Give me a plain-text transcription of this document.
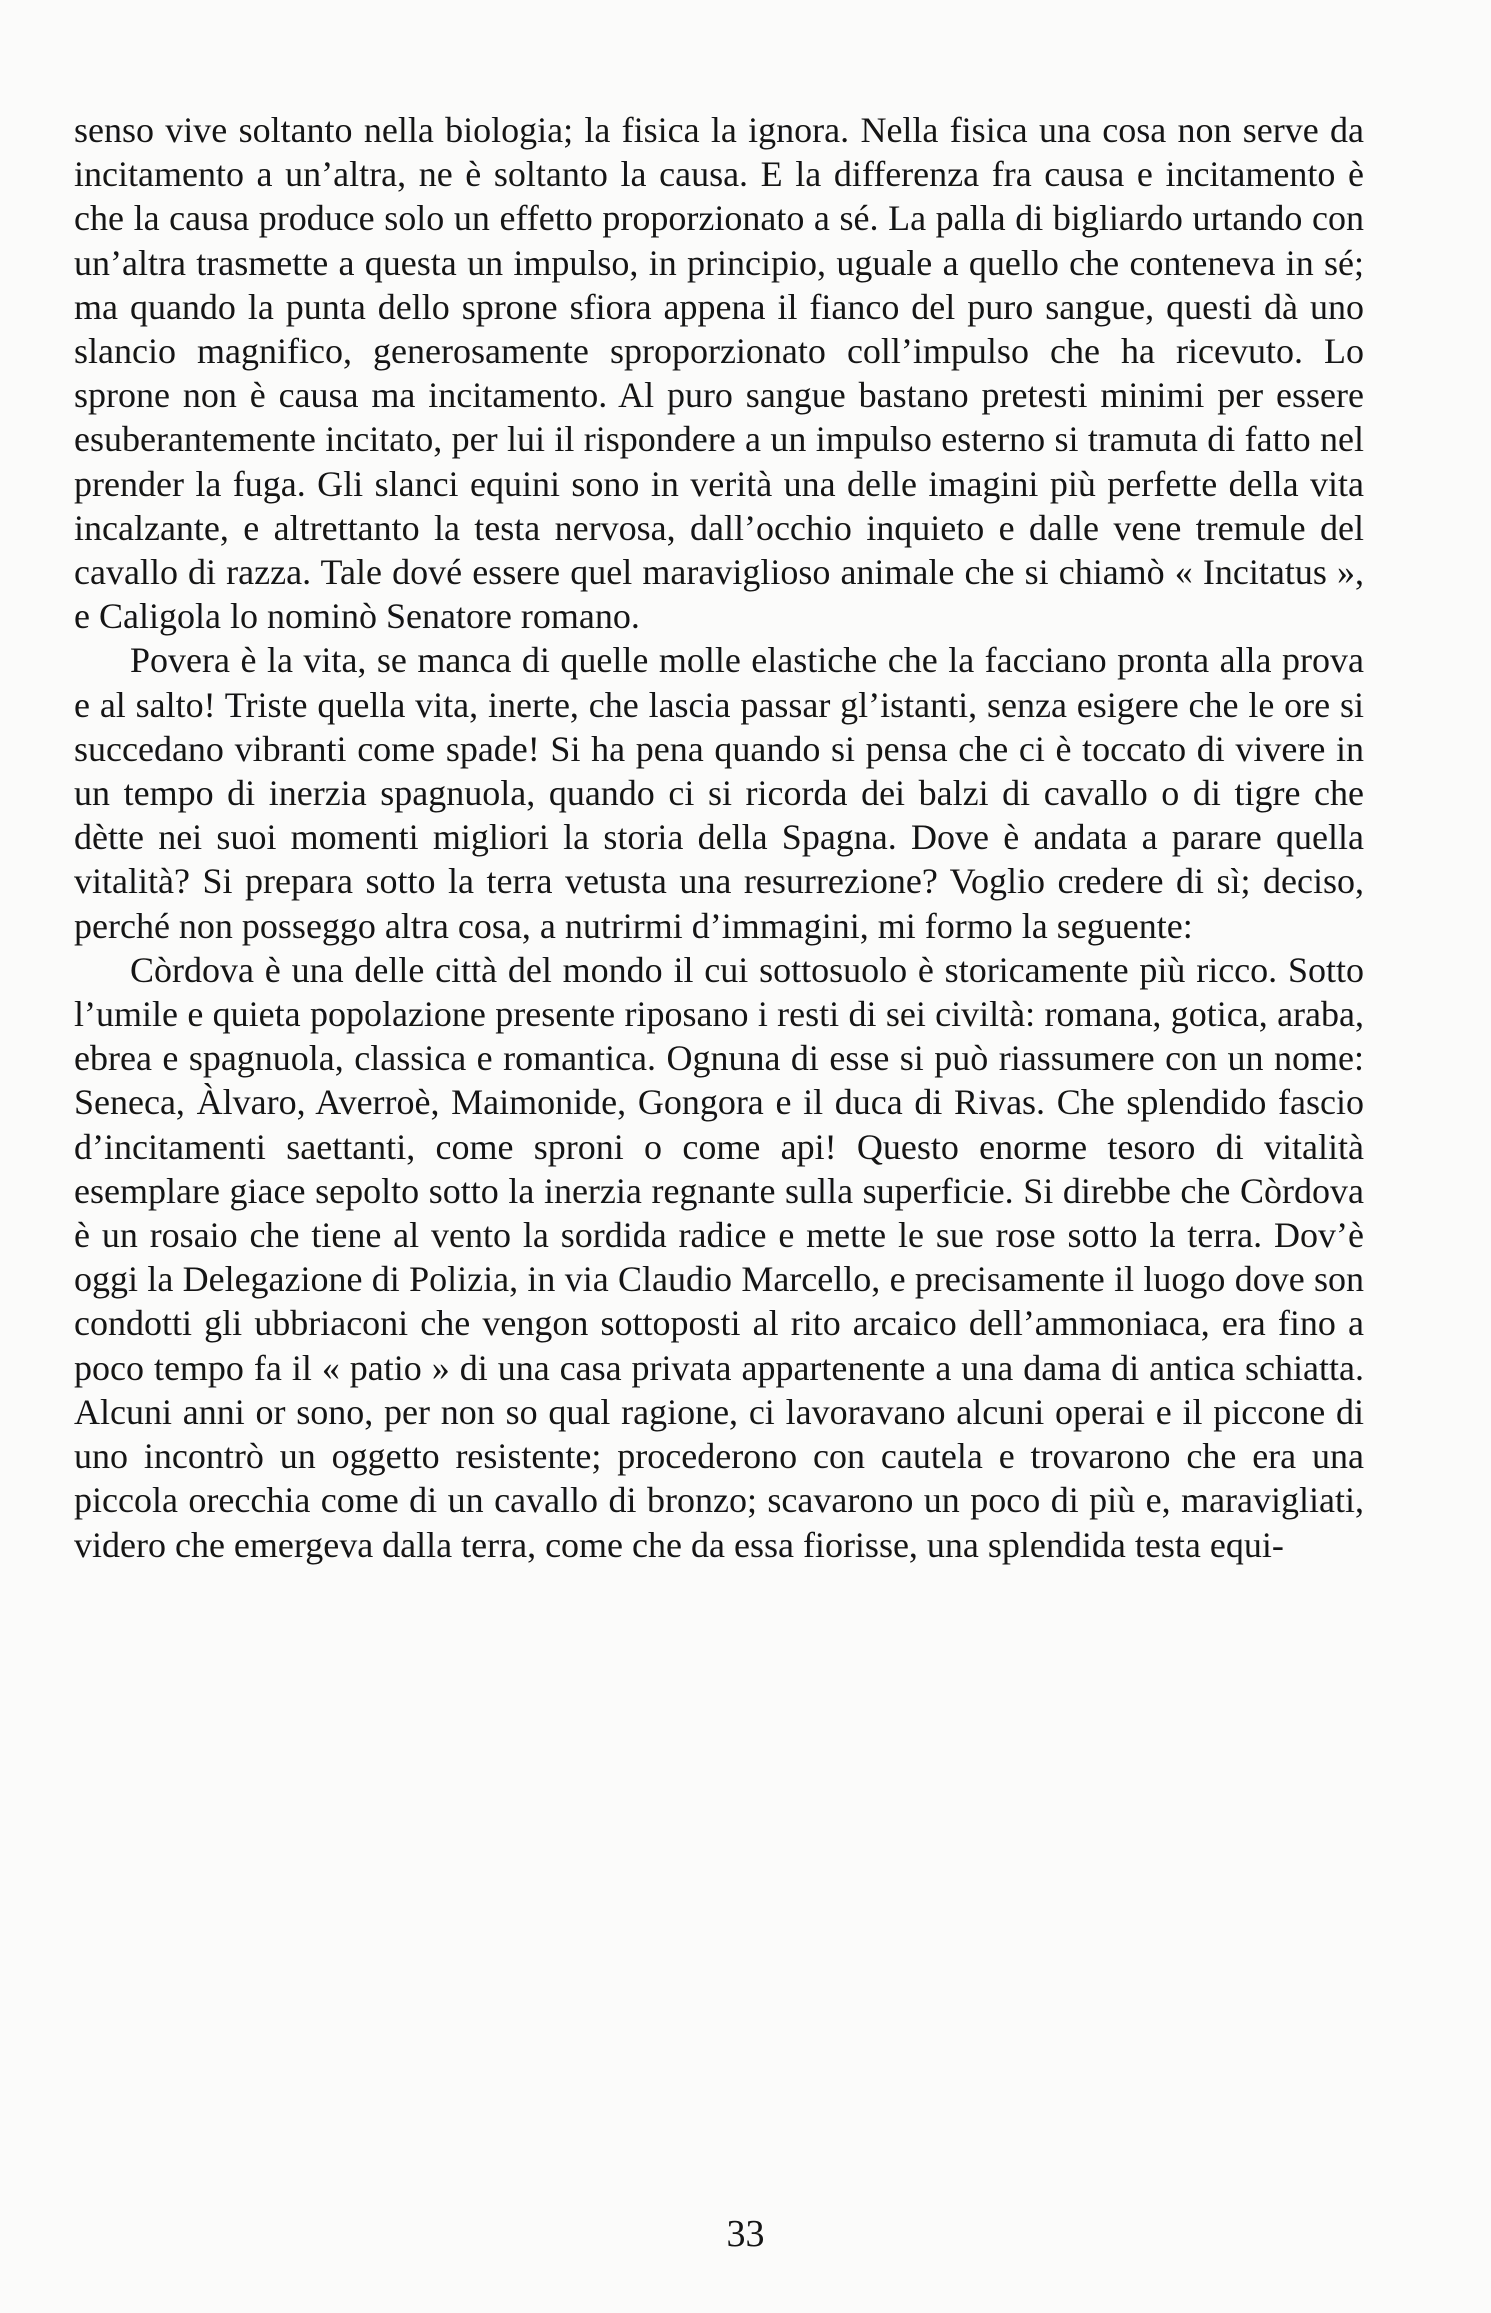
senso vive soltanto nella biologia; la fisica la ignora. Nella fisica una cosa non serve da incitamento a un’altra, ne è soltanto la causa. E la differenza fra causa e incitamento è che la causa produce solo un effetto proporzionato a sé. La palla di bigliardo urtando con un’altra trasmette a questa un impulso, in principio, uguale a quello che conteneva in sé; ma quando la punta dello sprone sfiora appena il fianco del puro sangue, questi dà uno slancio magnifico, generosamente sproporzionato coll’impulso che ha ricevuto. Lo sprone non è causa ma incitamento. Al puro sangue bastano pretesti minimi per essere esuberantemente incitato, per lui il rispondere a un impulso esterno si tramuta di fatto nel prender la fuga. Gli slanci equini sono in verità una delle imagini più perfette della vita incalzante, e altrettanto la testa nervosa, dall’occhio inquieto e dalle vene tremule del cavallo di razza. Tale dové essere quel maraviglioso animale che si chiamò « Incitatus », e Caligola lo nominò Senatore romano.

Povera è la vita, se manca di quelle molle elastiche che la facciano pronta alla prova e al salto! Triste quella vita, inerte, che lascia passar gl’istanti, senza esigere che le ore si succedano vibranti come spade! Si ha pena quando si pensa che ci è toccato di vivere in un tempo di inerzia spagnuola, quando ci si ricorda dei balzi di cavallo o di tigre che dètte nei suoi momenti migliori la storia della Spagna. Dove è andata a parare quella vitalità? Si prepara sotto la terra vetusta una resurrezione? Voglio credere di sì; deciso, perché non posseggo altra cosa, a nutrirmi d’immagini, mi formo la seguente:

Còrdova è una delle città del mondo il cui sottosuolo è storicamente più ricco. Sotto l’umile e quieta popolazione presente riposano i resti di sei civiltà: romana, gotica, araba, ebrea e spagnuola, classica e romantica. Ognuna di esse si può riassumere con un nome: Seneca, Àlvaro, Averroè, Maimonide, Gongora e il duca di Rivas. Che splendido fascio d’incitamenti saettanti, come sproni o come api! Questo enorme tesoro di vitalità esemplare giace sepolto sotto la inerzia regnante sulla superficie. Si direbbe che Còrdova è un rosaio che tiene al vento la sordida radice e mette le sue rose sotto la terra. Dov’è oggi la Delegazione di Polizia, in via Claudio Marcello, e precisamente il luogo dove son condotti gli ubbriaconi che vengon sottoposti al rito arcaico dell’ammoniaca, era fino a poco tempo fa il « patio » di una casa privata appartenente a una dama di antica schiatta. Alcuni anni or sono, per non so qual ragione, ci lavoravano alcuni operai e il piccone di uno incontrò un oggetto resistente; procederono con cautela e trovarono che era una piccola orecchia come di un cavallo di bronzo; scavarono un poco di più e, maravigliati, videro che emergeva dalla terra, come che da essa fiorisse, una splendida testa equi-

33
